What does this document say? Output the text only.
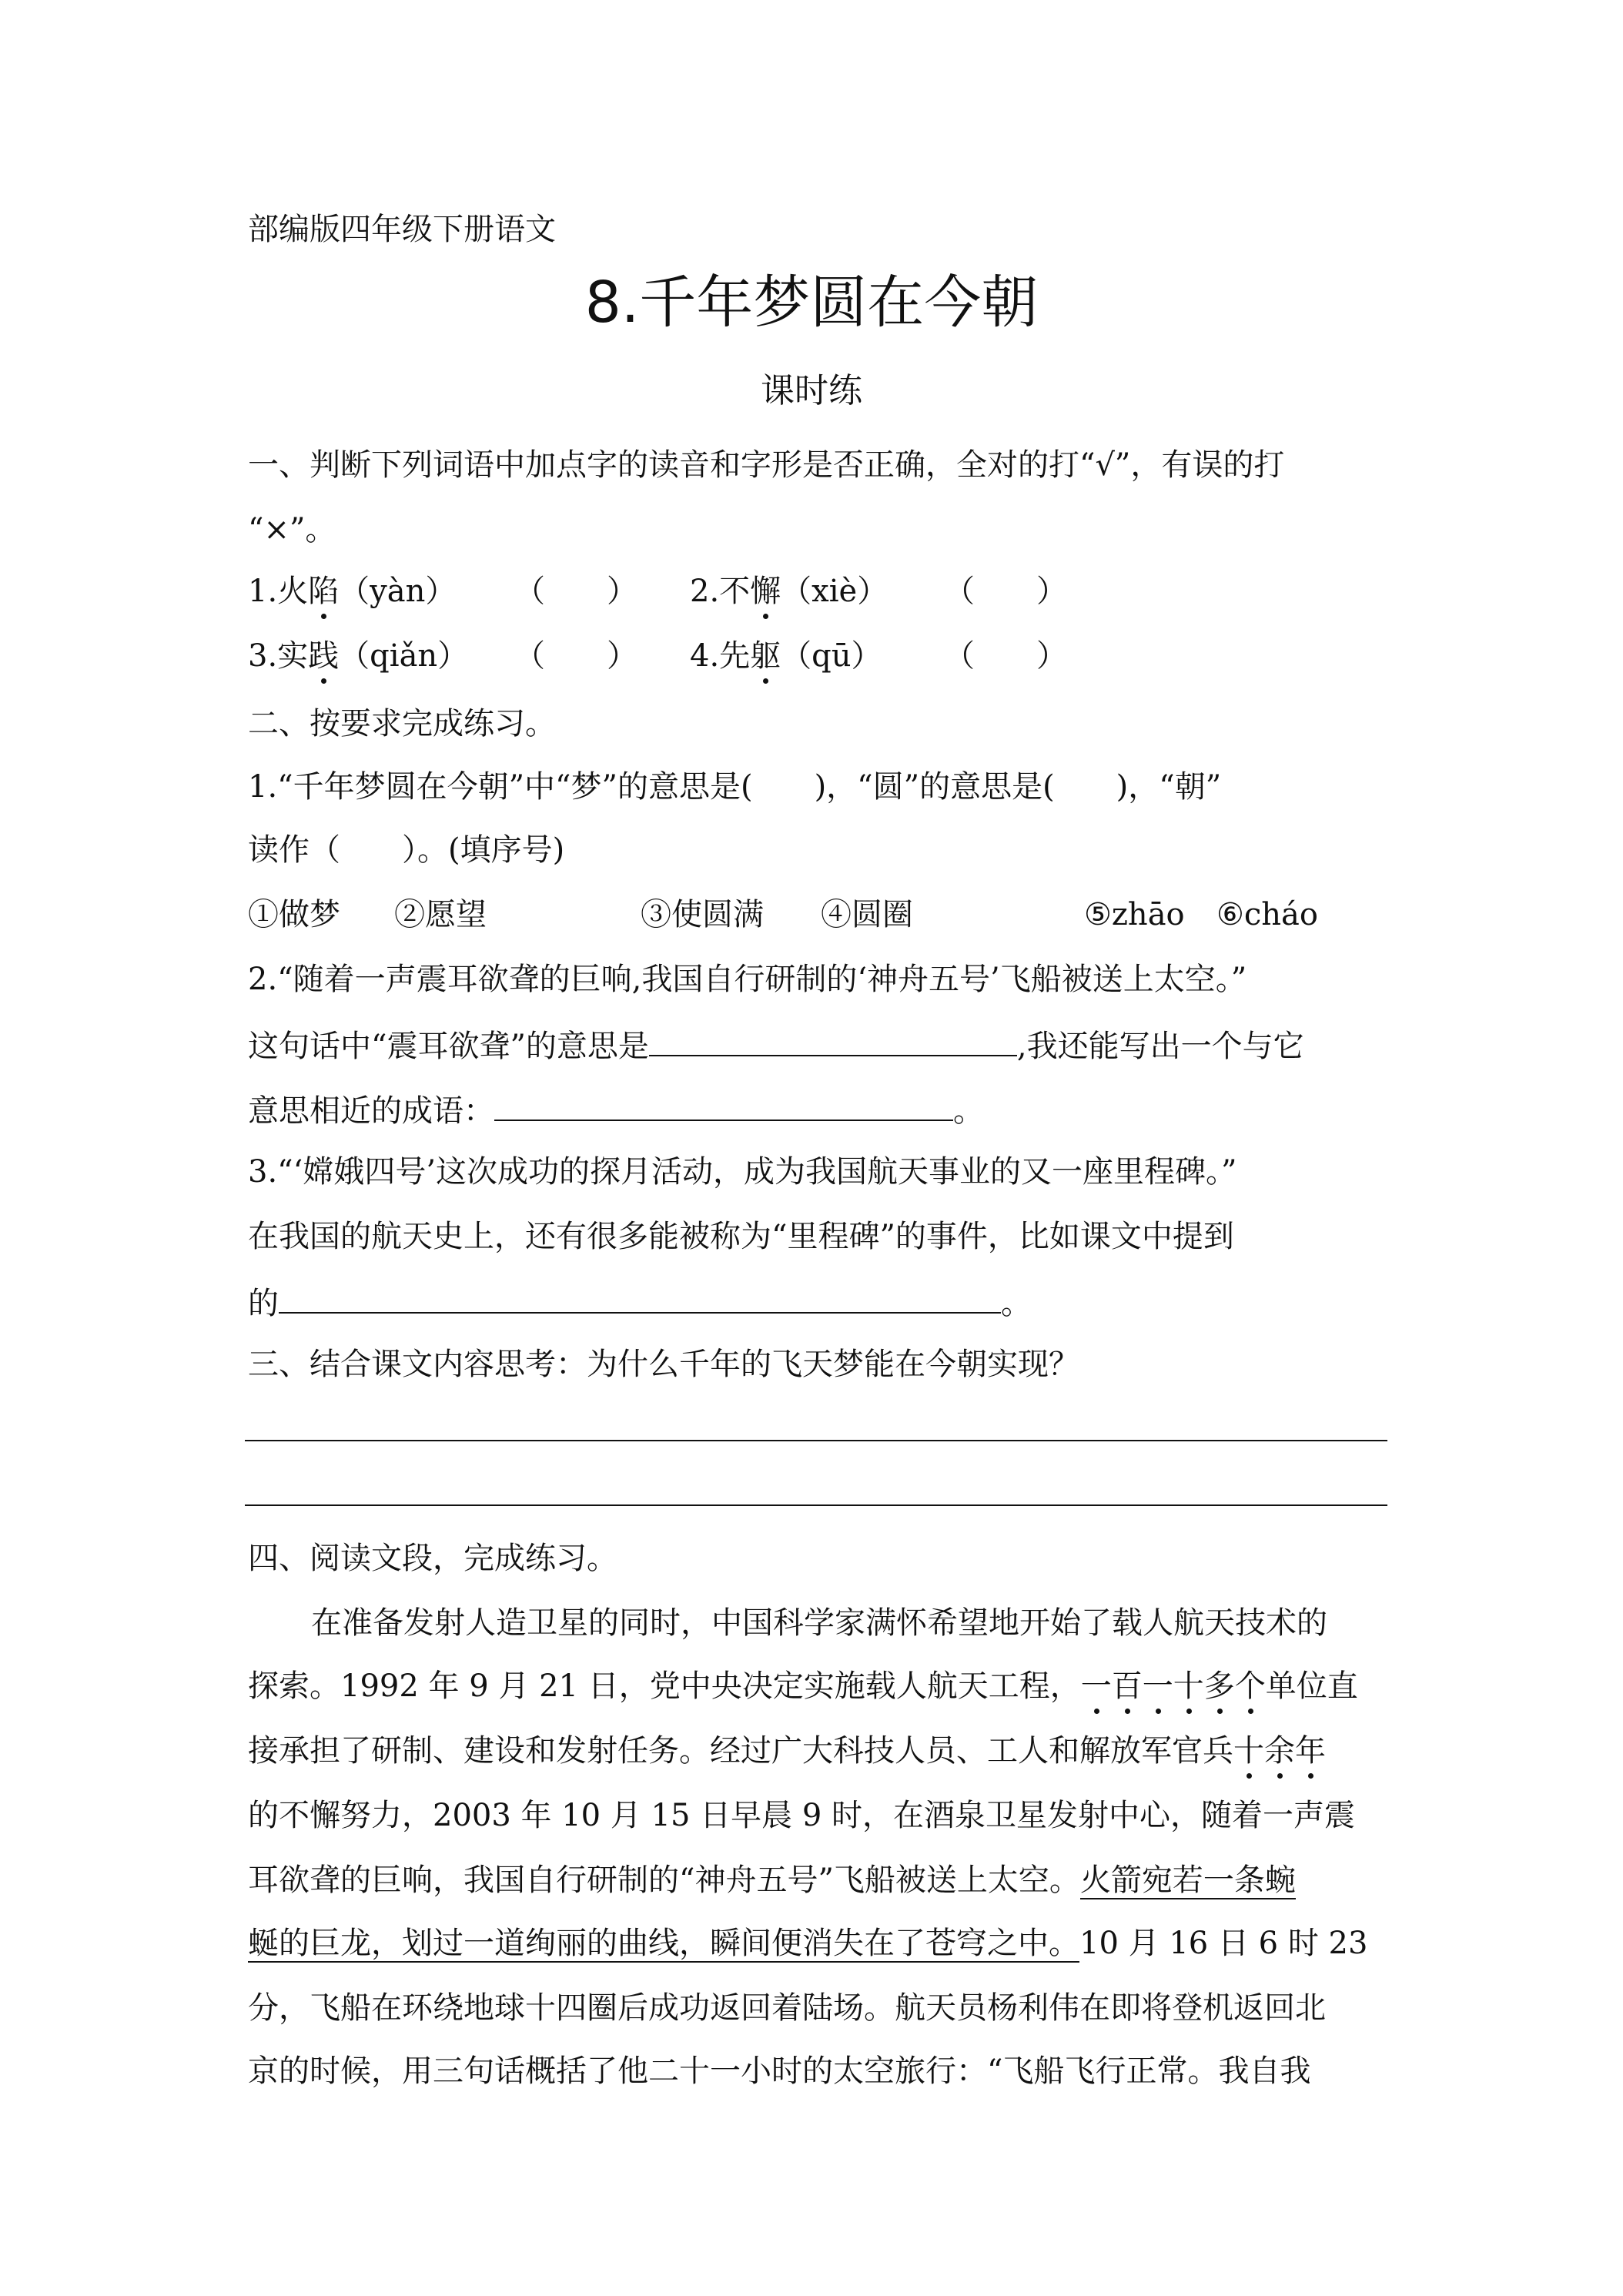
部编版四年级下册语文
8.千年梦圆在今朝
课时练
一、判断下列词语中加点字的读音和字形是否正确，全对的打“√”，有误的打
“×”。
1.火陷（yàn） （　　） 2.不懈（xiè） （　　）
3.实践（qiǎn） （　　） 4.先躯（qū） （　　）
二、按要求完成练习。
1.“千年梦圆在今朝”中“梦”的意思是(　　)，“圆”的意思是(　　)，“朝”
读作（　　）。(填序号)
①做梦 ②愿望	③使圆满 ④圆圈	⑤zhāo ⑥cháo
2.“随着一声震耳欲聋的巨响,我国自行研制的‘神舟五号’飞船被送上太空。”
这句话中“震耳欲聋”的意思是	,我还能写出一个与它
意思相近的成语：	。
3.“‘嫦娥四号’这次成功的探月活动，成为我国航天事业的又一座里程碑。”
在我国的航天史上，还有很多能被称为“里程碑”的事件，比如课文中提到
的	。
三、结合课文内容思考：为什么千年的飞天梦能在今朝实现？
四、阅读文段，完成练习。
在准备发射人造卫星的同时，中国科学家满怀希望地开始了载人航天技术的
探索。1992 年 9 月 21 日，党中央决定实施载人航天工程，一百一十多个单位直
接承担了研制、建设和发射任务。经过广大科技人员、工人和解放军官兵十余年
的不懈努力，2003 年 10 月 15 日早晨 9 时，在酒泉卫星发射中心，随着一声震
耳欲聋的巨响，我国自行研制的“神舟五号”飞船被送上太空。火箭宛若一条蜿
蜒的巨龙，划过一道绚丽的曲线，瞬间便消失在了苍穹之中。10 月 16 日 6 时 23
分，飞船在环绕地球十四圈后成功返回着陆场。航天员杨利伟在即将登机返回北
京的时候，用三句话概括了他二十一小时的太空旅行：“飞船飞行正常。我自我
